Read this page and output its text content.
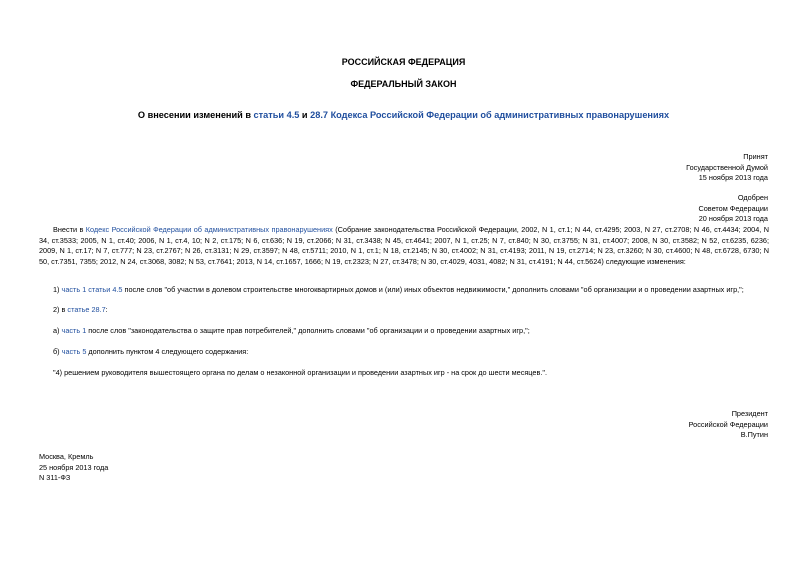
РОССИЙСКАЯ ФЕДЕРАЦИЯ
ФЕДЕРАЛЬНЫЙ ЗАКОН
О внесении изменений в статьи 4.5 и 28.7 Кодекса Российской Федерации об административных правонарушениях
Принят
Государственной Думой
15 ноября 2013 года
Одобрен
Советом Федерации
20 ноября 2013 года
Внести в Кодекс Российской Федерации об административных правонарушениях (Собрание законодательства Российской Федерации, 2002, N 1, ст.1; N 44, ст.4295; 2003, N 27, ст.2708; N 46, ст.4434; 2004, N 34, ст.3533; 2005, N 1, ст.40; 2006, N 1, ст.4, 10; N 2, ст.175; N 6, ст.636; N 19, ст.2066; N 31, ст.3438; N 45, ст.4641; 2007, N 1, ст.25; N 7, ст.840; N 30, ст.3755; N 31, ст.4007; 2008, N 30, ст.3582; N 52, ст.6235, 6236; 2009, N 1, ст.17; N 7, ст.777; N 23, ст.2767; N 26, ст.3131; N 29, ст.3597; N 48, ст.5711; 2010, N 1, ст.1; N 18, ст.2145; N 30, ст.4002; N 31, ст.4193; 2011, N 19, ст.2714; N 23, ст.3260; N 30, ст.4600; N 48, ст.6728, 6730; N 50, ст.7351, 7355; 2012, N 24, ст.3068, 3082; N 53, ст.7641; 2013, N 14, ст.1657, 1666; N 19, ст.2323; N 27, ст.3478; N 30, ст.4029, 4031, 4082; N 31, ст.4191; N 44, ст.5624) следующие изменения:
1) часть 1 статьи 4.5 после слов "об участии в долевом строительстве многоквартирных домов и (или) иных объектов недвижимости," дополнить словами "об организации и о проведении азартных игр,";
2) в статье 28.7:
а) часть 1 после слов "законодательства о защите прав потребителей," дополнить словами "об организации и о проведении азартных игр,";
б) часть 5 дополнить пунктом 4 следующего содержания:
"4) решением руководителя вышестоящего органа по делам о незаконной организации и проведении азартных игр - на срок до шести месяцев.".
Президент
Российской Федерации
В.Путин
Москва, Кремль
25 ноября 2013 года
N 311-ФЗ
